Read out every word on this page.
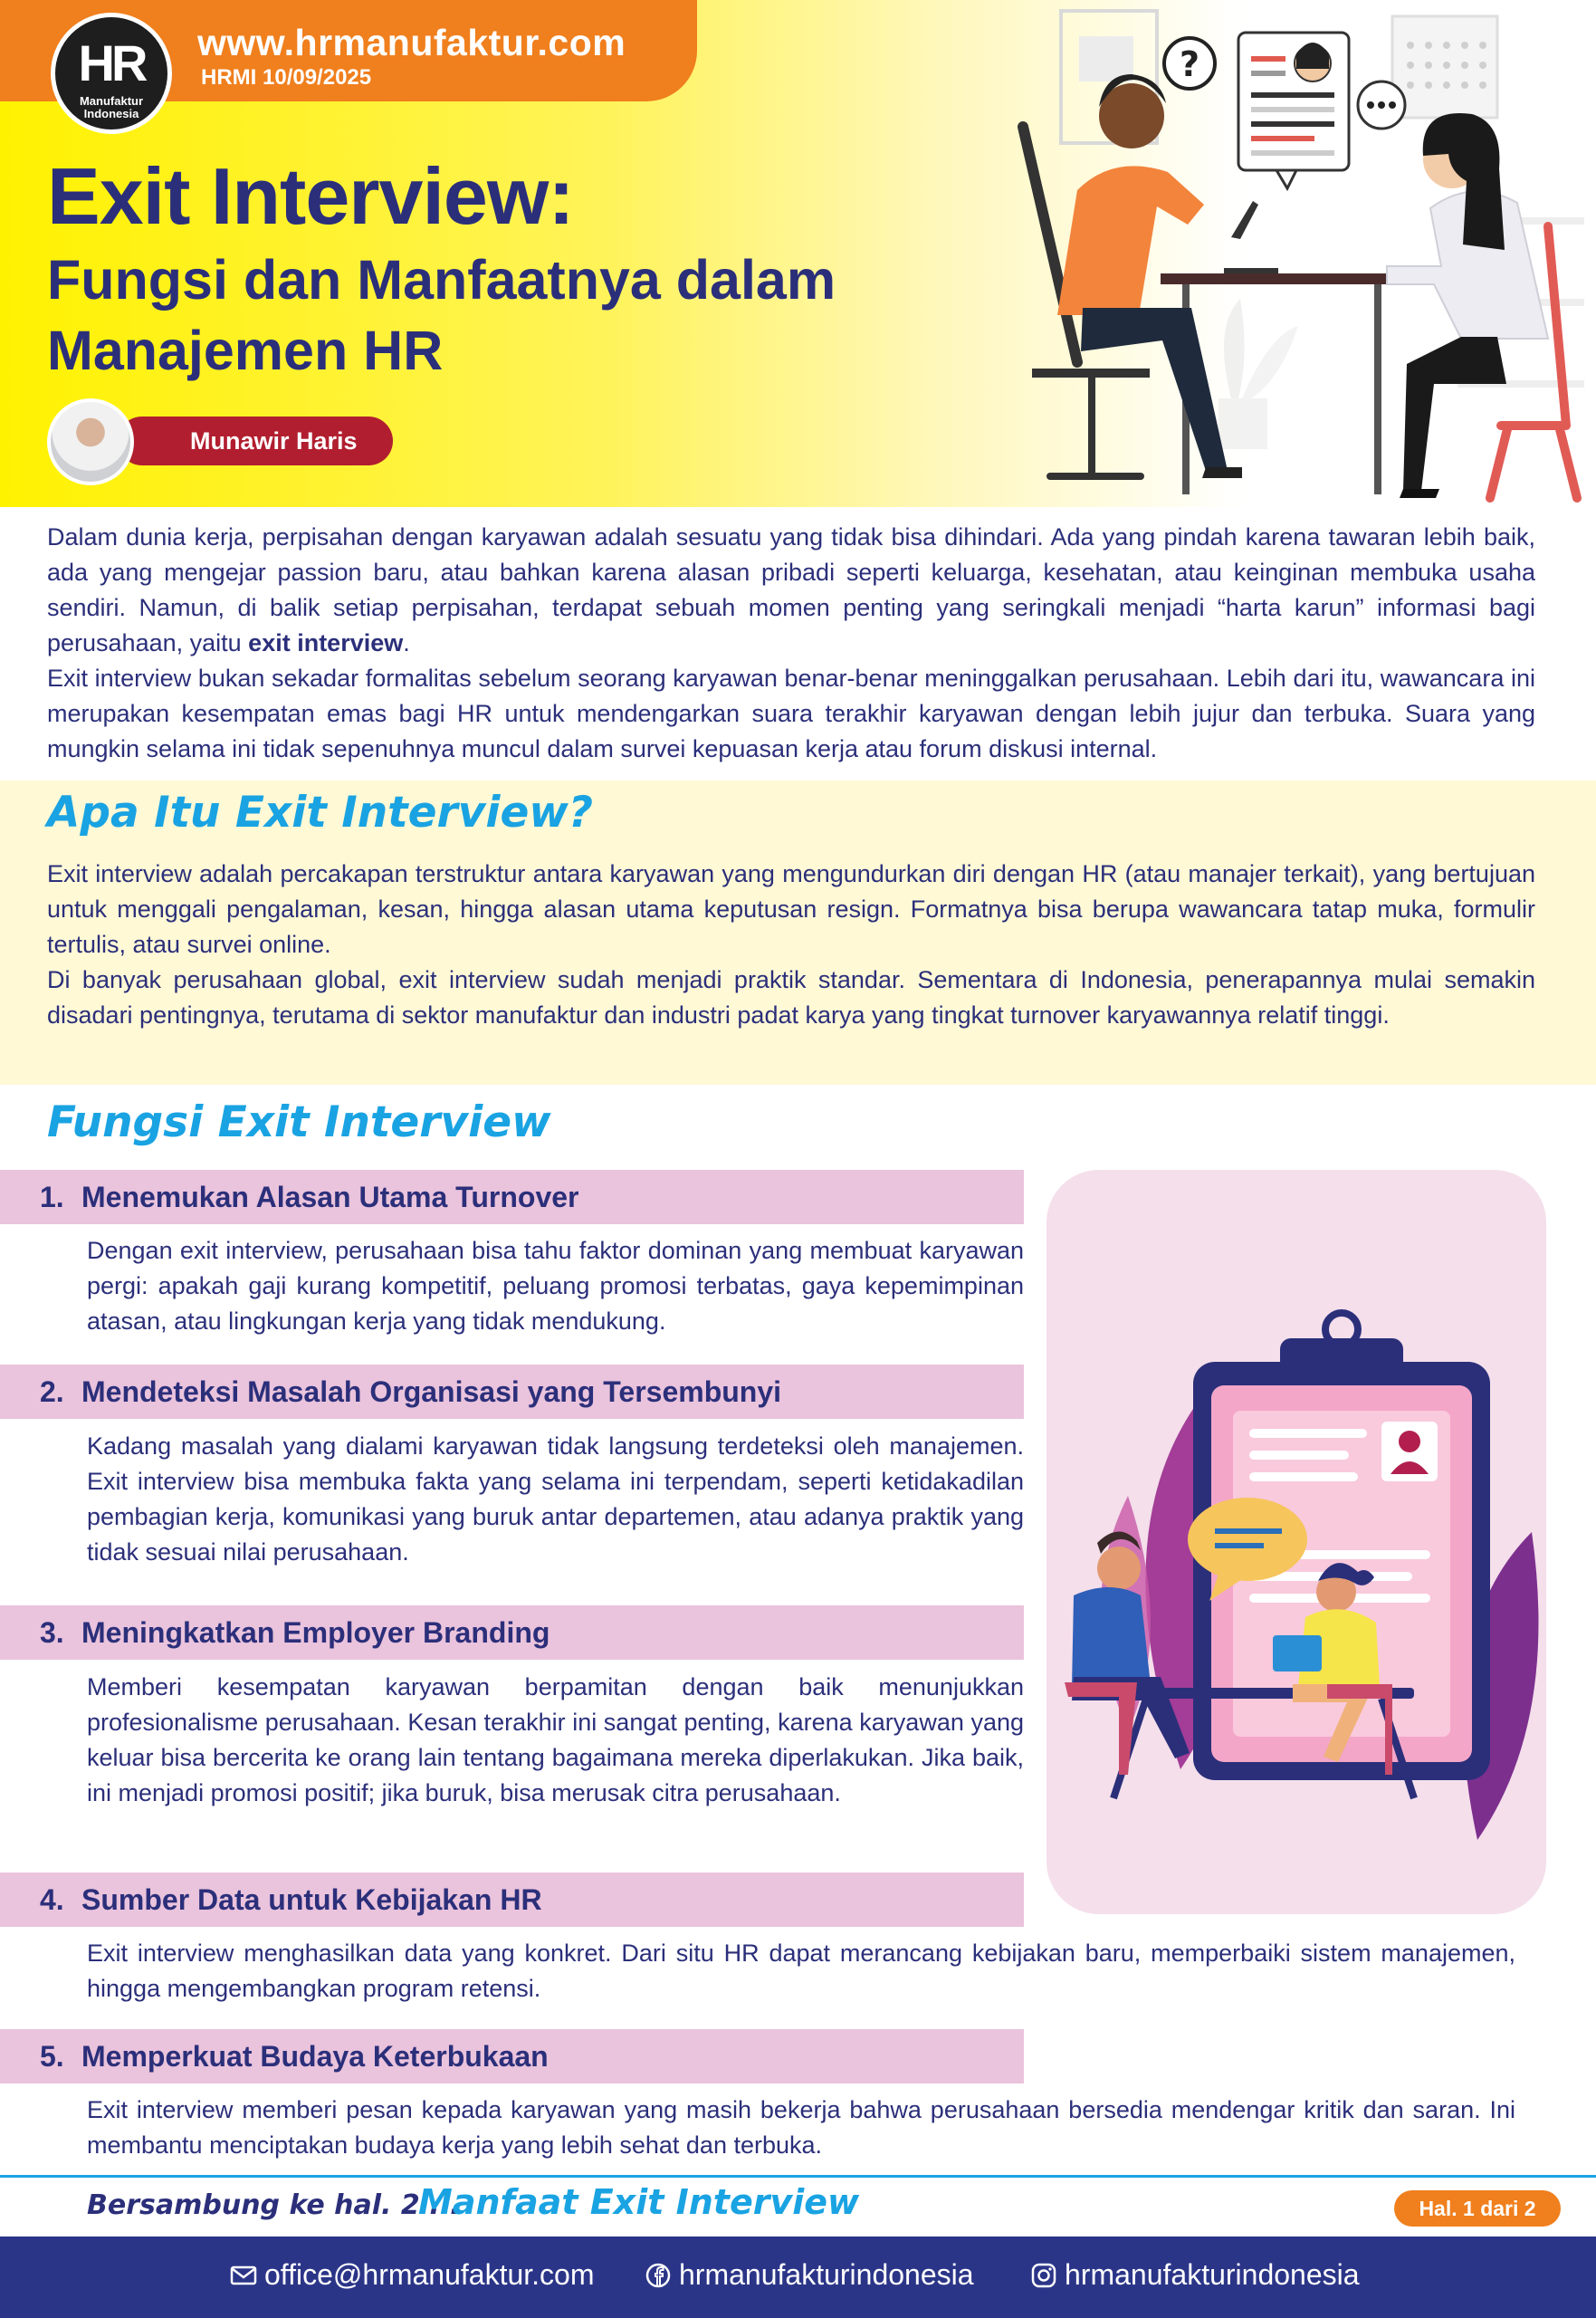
HR
Manufaktur
Indonesia
www.hrmanufaktur.com
HRMI 10/09/2025
Exit Interview:
Fungsi dan Manfaatnya dalam
Manajemen HR
Munawir Haris
?

Dalam dunia kerja, perpisahan dengan karyawan adalah sesuatu yang tidak bisa dihindari. Ada yang pindah karena tawaran lebih baik, ada yang mengejar passion baru, atau bahkan karena alasan pribadi seperti keluarga, kesehatan, atau keinginan membuka usaha sendiri. Namun, di balik setiap perpisahan, terdapat sebuah momen penting yang seringkali menjadi “harta karun” informasi bagi perusahaan, yaitu exit interview.

Exit interview bukan sekadar formalitas sebelum seorang karyawan benar-benar meninggalkan perusahaan. Lebih dari itu, wawancara ini merupakan kesempatan emas bagi HR untuk mendengarkan suara terakhir karyawan dengan lebih jujur dan terbuka. Suara yang mungkin selama ini tidak sepenuhnya muncul dalam survei kepuasan kerja atau forum diskusi internal.

Apa Itu Exit Interview?

Exit interview adalah percakapan terstruktur antara karyawan yang mengundurkan diri dengan HR (atau manajer terkait), yang bertujuan untuk menggali pengalaman, kesan, hingga alasan utama keputusan resign. Formatnya bisa berupa wawancara tatap muka, formulir tertulis, atau survei online.

Di banyak perusahaan global, exit interview sudah menjadi praktik standar. Sementara di Indonesia, penerapannya mulai semakin disadari pentingnya, terutama di sektor manufaktur dan industri padat karya yang tingkat turnover karyawannya relatif tinggi.

Fungsi Exit Interview
1. Menemukan Alasan Utama Turnover

Dengan exit interview, perusahaan bisa tahu faktor dominan yang membuat karyawan pergi: apakah gaji kurang kompetitif, peluang promosi terbatas, gaya kepemimpinan atasan, atau lingkungan kerja yang tidak mendukung.

2. Mendeteksi Masalah Organisasi yang Tersembunyi

Kadang masalah yang dialami karyawan tidak langsung terdeteksi oleh manajemen. Exit interview bisa membuka fakta yang selama ini terpendam, seperti ketidakadilan pembagian kerja, komunikasi yang buruk antar departemen, atau adanya praktik yang tidak sesuai nilai perusahaan.

3. Meningkatkan Employer Branding

Memberi kesempatan karyawan berpamitan dengan baik menunjukkan profesionalisme perusahaan. Kesan terakhir ini sangat penting, karena karyawan yang keluar bisa bercerita ke orang lain tentang bagaimana mereka diperlakukan. Jika baik, ini menjadi promosi positif; jika buruk, bisa merusak citra perusahaan.

4. Sumber Data untuk Kebijakan HR

Exit interview menghasilkan data yang konkret. Dari situ HR dapat merancang kebijakan baru, memperbaiki sistem manajemen, hingga mengembangkan program retensi.

5. Memperkuat Budaya Keterbukaan

Exit interview memberi pesan kepada karyawan yang masih bekerja bahwa perusahaan bersedia mendengar kritik dan saran. Ini membantu menciptakan budaya kerja yang lebih sehat dan terbuka.

Bersambung ke hal. 2 ...
Manfaat Exit Interview	Hal. 1 dari 2
office@hrmanufaktur.com	hrmanufakturindonesia	hrmanufakturindonesia
